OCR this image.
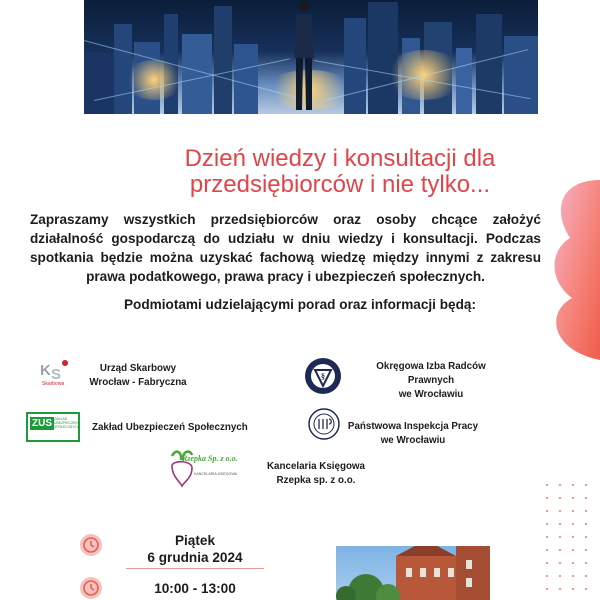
Dzień wiedzy i konsultacji dla
przedsiębiorców i nie tylko...
Zapraszamy wszystkich przedsiębiorców oraz osoby chcące założyć działalność gospodarczą do udziału w dniu wiedzy i konsultacji. Podczas spotkania będzie można uzyskać fachową wiedzę między innymi z zakresu prawa podatkowego, prawa pracy i ubezpieczeń społecznych.
Podmiotami udzielającymi porad oraz informacji będą:
K S
Skarbowa
Urząd Skarbowy
Wrocław - Fabryczna
§
Okręgowa Izba Radców Prawnych
we Wrocławiu
ZUS ZAKŁAD UBEZPIECZEŃ SPOŁECZNYCH Zakład Ubezpieczeń Społecznych	Państwowa Inspekcja Pracy
we Wrocławiu
Rzepka Sp. z o.o.
KANCELARIA KSIĘGOWA
Kancelaria Księgowa
Rzepka sp. z o.o.
Piątek
6 grudnia 2024
10:00 - 13:00
